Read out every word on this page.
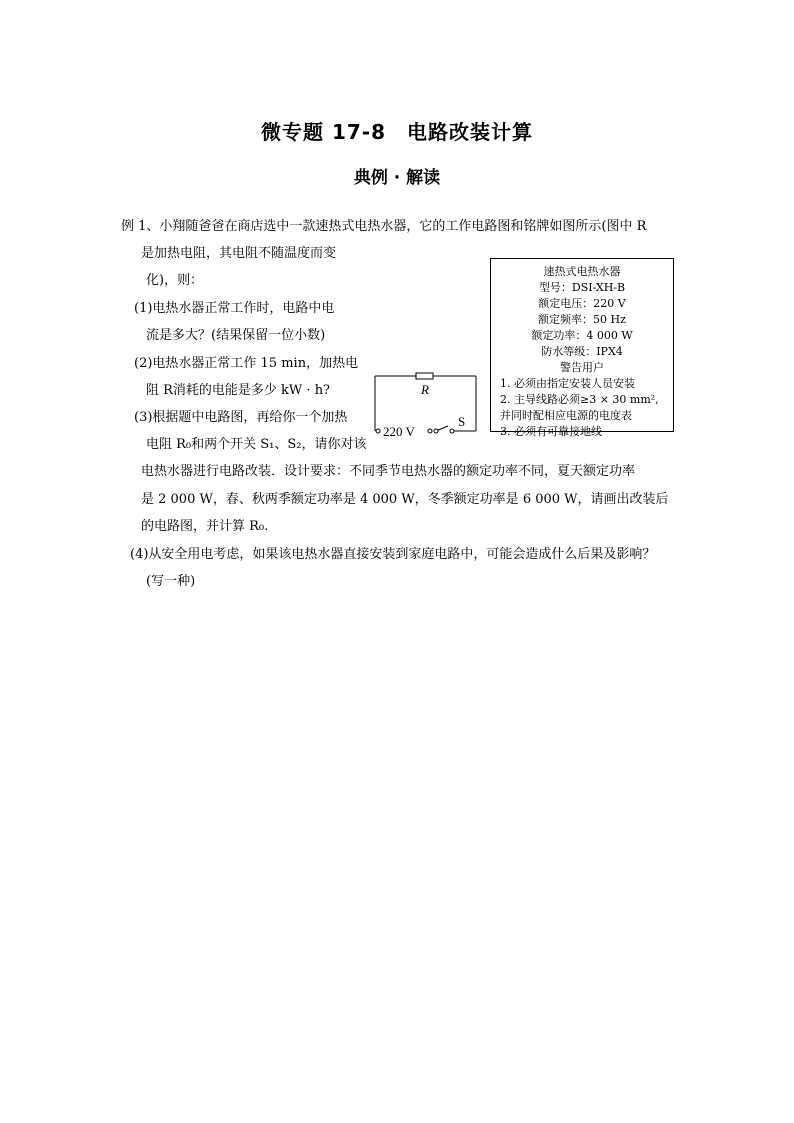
微专题 17-8　电路改装计算
典例 · 解读
例 1、小翔随爸爸在商店选中一款速热式电热水器，它的工作电路图和铭牌如图所示(图中 R
是加热电阻，其电阻不随温度而变
化)，则：
(1)电热水器正常工作时，电路中电
流是多大？(结果保留一位小数)
(2)电热水器正常工作 15 min，加热电
阻 R消耗的电能是多少 kW · h?
(3)根据题中电路图，再给你一个加热
电阻 R₀和两个开关 S₁、S₂，请你对该
电热水器进行电路改装．设计要求：不同季节电热水器的额定功率不同，夏天额定功率
是 2 000 W，春、秋两季额定功率是 4 000 W，冬季额定功率是 6 000 W，请画出改装后
的电路图，并计算 R₀.
(4)从安全用电考虑，如果该电热水器直接安装到家庭电路中，可能会造成什么后果及影响？
(写一种)
速热式电热水器
型号：DSI-XH-B
额定电压：220 V
额定频率：50 Hz
额定功率：4 000 W
防水等级：IPX4
警告用户
1. 必须由指定安装人员安装
2. 主导线路必须≥3 × 30 mm²,
并同时配相应电源的电度表
3. 必须有可靠接地线
R
220 V
S
